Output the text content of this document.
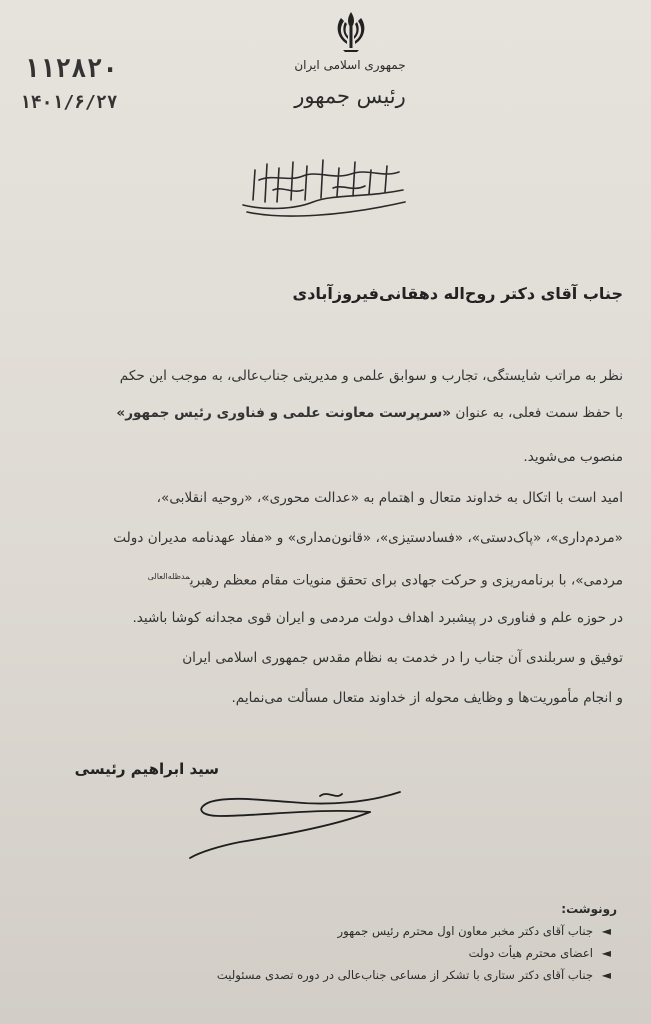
جمهوری اسلامی ایران
رئیس جمهور
۱۱۲۸۲۰
۱۴۰۱/۶/۲۷
جناب آقای دکتر روح‌اله دهقانی‌فیروزآبادی
نظر به مراتب شایستگی، تجارب و سوابق علمی و مدیریتی جناب‌عالی، به موجب این حکم
با حفظ سمت فعلی، به عنوان «سرپرست معاونت علمی و فناوری رئیس جمهور»
منصوب می‌شوید.
امید است با اتکال به خداوند متعال و اهتمام به «عدالت محوری»، «روحیه انقلابی»،
«مردم‌داری»، «پاک‌دستی»، «فسادستیزی»، «قانون‌مداری» و «مفاد عهدنامه مدیران دولت
مردمی»، با برنامه‌ریزی و حرکت جهادی برای تحقق منویات مقام معظم رهبری$^{مدظله‌العالی}$
در حوزه علم و فناوری در پیشبرد اهداف دولت مردمی و ایران قوی مجدانه کوشا باشید.
توفیق و سربلندی آن جناب را در خدمت به نظام مقدس جمهوری اسلامی ایران
و انجام مأموریت‌ها و وظایف محوله از خداوند متعال مسألت می‌نمایم.
سید ابراهیم رئیسی
رونوشت:
◄
جناب آقای دکتر مخبر معاون اول محترم رئیس جمهور
◄
اعضای محترم هیأت دولت
◄
جناب آقای دکتر ستاری با تشکر از مساعی جناب‌عالی در دوره تصدی مسئولیت
